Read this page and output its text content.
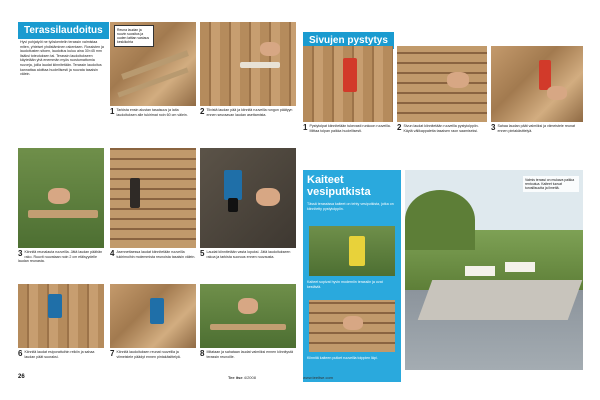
Terassilaudoitus
Hyvi pohjatyöt ne työskentelin terassin valmistaa miten, yhteiset yhdistäminen rakentaen. Rossisten ja laudoitusten sitoen, laudoitus kuluu aina 30×45 mm lisäksi toteutuksen tai. Terassin laudoitukseen käytetään yhä enemmän myös ruostumattomia ruuveja, joilla laudat kiinnitetään. Terassin laudoitus kannattaa aloittaa huolellisesti ja ruuvata tasaisin välein.
Reuna laudan ja ruuvin suositus ja uuden lattian vastaus keskikohta
1 Tarkista ensin alustan tasaisuus ja laita laudoituksen alle tukirimat noin 60 cm välein.	2 Tiivistä laudan pää ja kiinnitä ruuveilla rungon päätyyn ennen seuraavan laudan asettamista.
3 Kiinnitä reunalauta ruuveilla. Jätä laudan päähän rako. Ruuvit ruuvataan noin 2 cm etäisyydelle laudan reunasta.
4 Asennettaessa laudat kiinnitetään ruuveilla tukirimoihin molemmista reunoista tasaisin välein. 5 Laudat kiinnitetään vasta lopuksi. Jätä laudoitukseen rakoa ja tarkista suoruus ennen ruuvausta.
6 Kiinnitä laudat esiporattuihin reikiin ja sahaa laudan päät suoraksi.	7 Kiinnitä laudoituksen reunat ruuveilla ja viimeistele päädyt ennen pintakäsittelyä.	8 Mitataan ja sahataan laudat valmiiksi ennen kiinnitystä terassin reunoille.
26	Tee itse 4/2008
Sivujen pystytys
1 Pystytolpat kiinnitetään tukevasti runkoon ruuveilla. Mittaa tolpan paikka huolellisesti.	2 Sivun laudat kiinnitetään ruuveilla pystytolppiin. Käytä välikappaletta tasaisen raon saamiseksi.	3 Sahaa laudan päät valmiiksi ja viimeistele reunat ennen pintakäsittelyä.
Kaiteet vesiputkista
Tässä terassissa kaiteet on tehty vesiputkista, jotka on kiinnitetty pystytolppiin.
Kaiteet sopivat hyvin moderniin terassiin ja ovat kestäviä.
Kiinnitä kaiteen putket ruuveilla tolppien läpi.
Valmis terassi on mukava paikka rentoutua. Kaiteet tuovat turvallisuutta ja ilmettä.
www.teeitse.com
